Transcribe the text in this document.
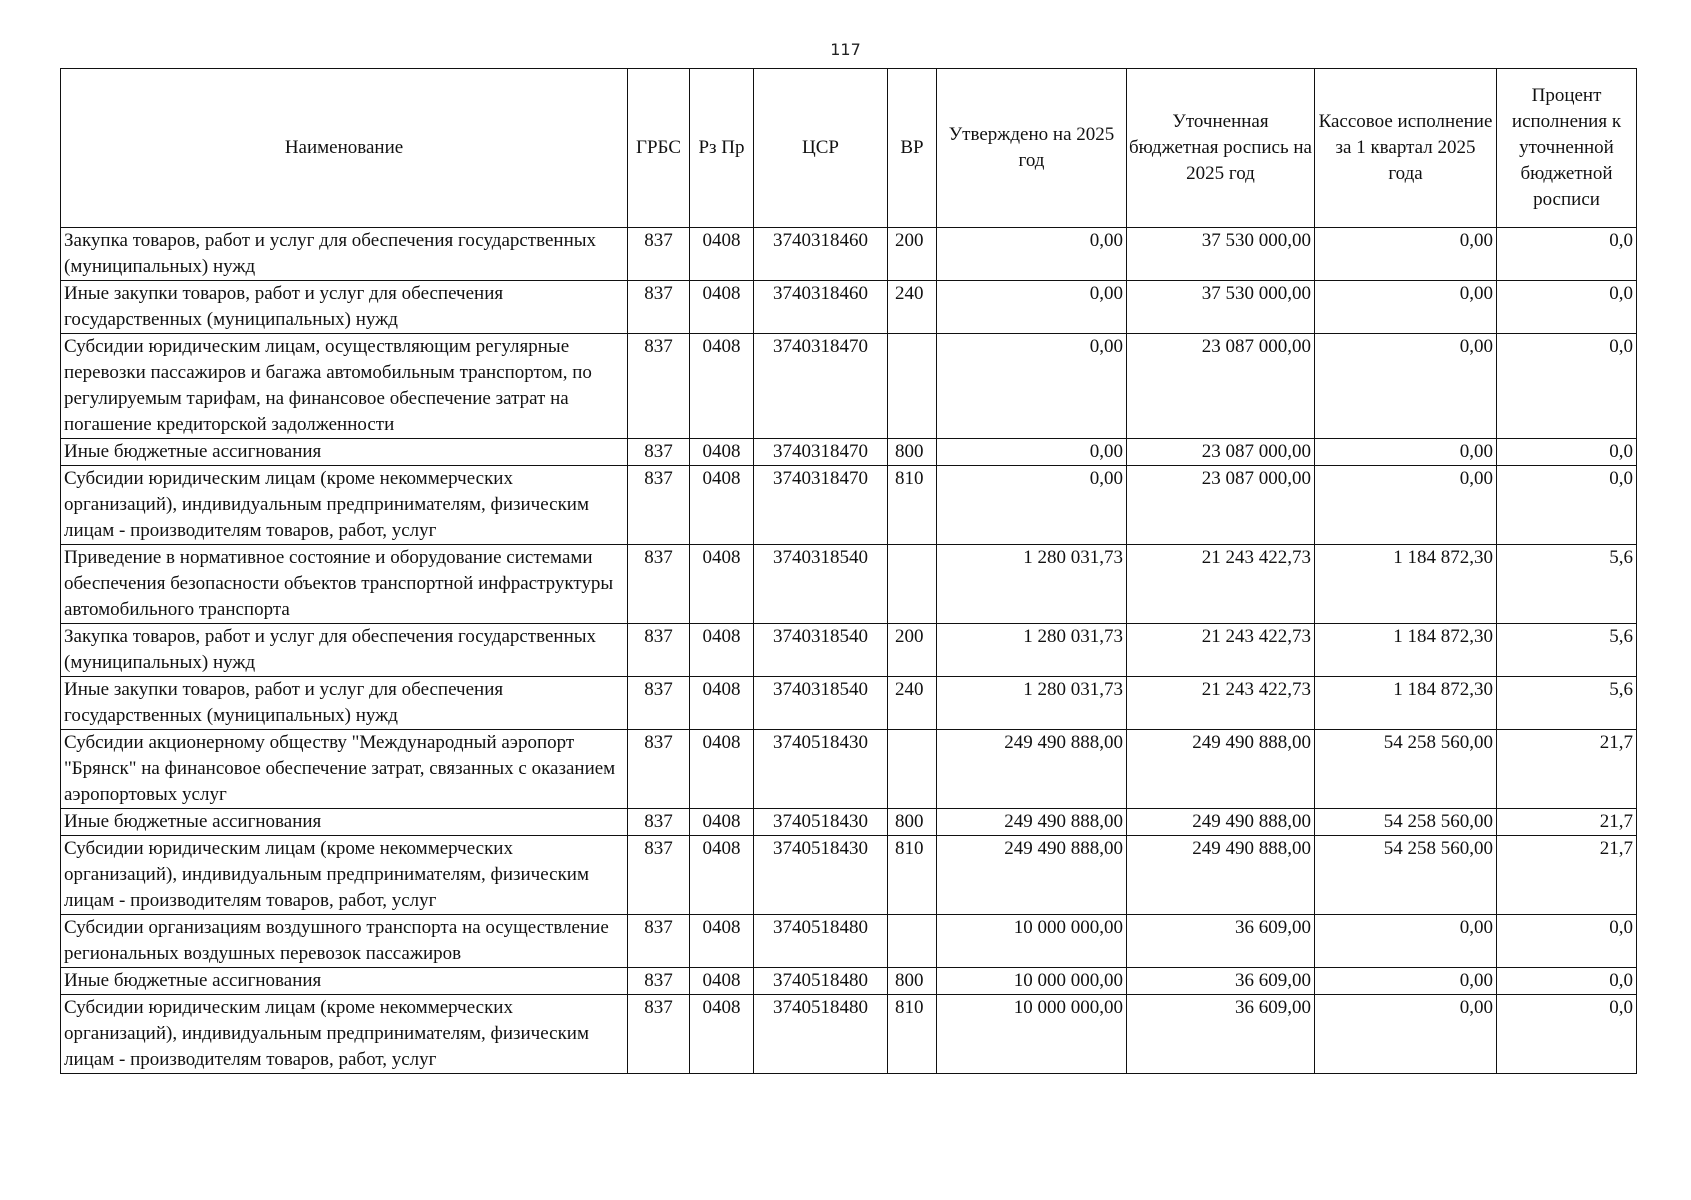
117
Наименование	ГРБС	Рз Пр	ЦСР	ВР	Утверждено на 2025 год	Уточненная бюджетная роспись на 2025 год	Кассовое исполнение за 1 квартал 2025 года	Процент исполнения к уточненной бюджетной росписи
Закупка товаров, работ и услуг для обеспечения государственных (муниципальных) нужд	837	0408	3740318460	200	0,00	37 530 000,00	0,00	0,0
Иные закупки товаров, работ и услуг для обеспечения государственных (муниципальных) нужд	837	0408	3740318460	240	0,00	37 530 000,00	0,00	0,0
Субсидии юридическим лицам, осуществляющим регулярные перевозки пассажиров и багажа автомобильным транспортом, по регулируемым тарифам, на финансовое обеспечение затрат на погашение кредиторской задолженности	837	0408	3740318470		0,00	23 087 000,00	0,00	0,0
Иные бюджетные ассигнования	837	0408	3740318470	800	0,00	23 087 000,00	0,00	0,0
Субсидии юридическим лицам (кроме некоммерческих организаций), индивидуальным предпринимателям, физическим лицам - производителям товаров, работ, услуг	837	0408	3740318470	810	0,00	23 087 000,00	0,00	0,0
Приведение в нормативное состояние и оборудование системами обеспечения безопасности объектов транспортной инфраструктуры автомобильного транспорта	837	0408	3740318540		1 280 031,73	21 243 422,73	1 184 872,30	5,6
Закупка товаров, работ и услуг для обеспечения государственных (муниципальных) нужд	837	0408	3740318540	200	1 280 031,73	21 243 422,73	1 184 872,30	5,6
Иные закупки товаров, работ и услуг для обеспечения государственных (муниципальных) нужд	837	0408	3740318540	240	1 280 031,73	21 243 422,73	1 184 872,30	5,6
Субсидии акционерному обществу "Международный аэропорт "Брянск" на финансовое обеспечение затрат, связанных с оказанием аэропортовых услуг	837	0408	3740518430		249 490 888,00	249 490 888,00	54 258 560,00	21,7
Иные бюджетные ассигнования	837	0408	3740518430	800	249 490 888,00	249 490 888,00	54 258 560,00	21,7
Субсидии юридическим лицам (кроме некоммерческих организаций), индивидуальным предпринимателям, физическим лицам - производителям товаров, работ, услуг	837	0408	3740518430	810	249 490 888,00	249 490 888,00	54 258 560,00	21,7
Субсидии организациям воздушного транспорта на осуществление региональных воздушных перевозок пассажиров	837	0408	3740518480		10 000 000,00	36 609,00	0,00	0,0
Иные бюджетные ассигнования	837	0408	3740518480	800	10 000 000,00	36 609,00	0,00	0,0
Субсидии юридическим лицам (кроме некоммерческих организаций), индивидуальным предпринимателям, физическим лицам - производителям товаров, работ, услуг	837	0408	3740518480	810	10 000 000,00	36 609,00	0,00	0,0
